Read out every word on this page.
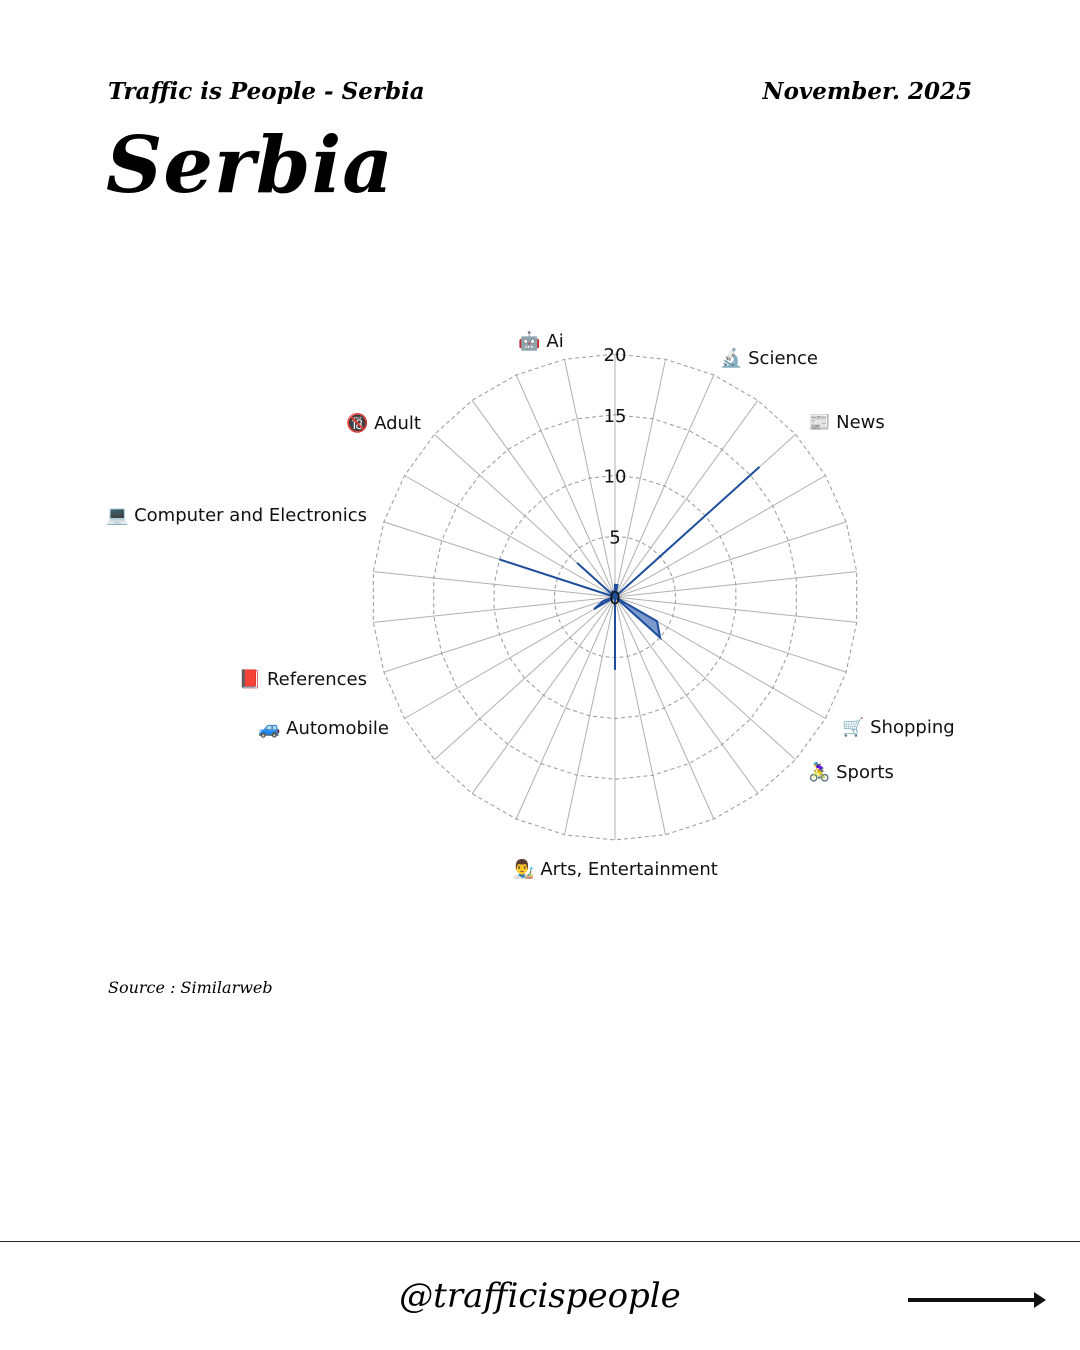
Traffic is People - Serbia	November. 2025
Serbia
0
5
10
15
20
🤖 Ai
🔬 Science
📰 News
🛒 Shopping
🚴‍♀️ Sports
👨‍🎨 Arts, Entertainment
🚙 Automobile
📕 References
💻 Computer and Electronics
🔞 Adult
Source : Similarweb
@trafficispeople
